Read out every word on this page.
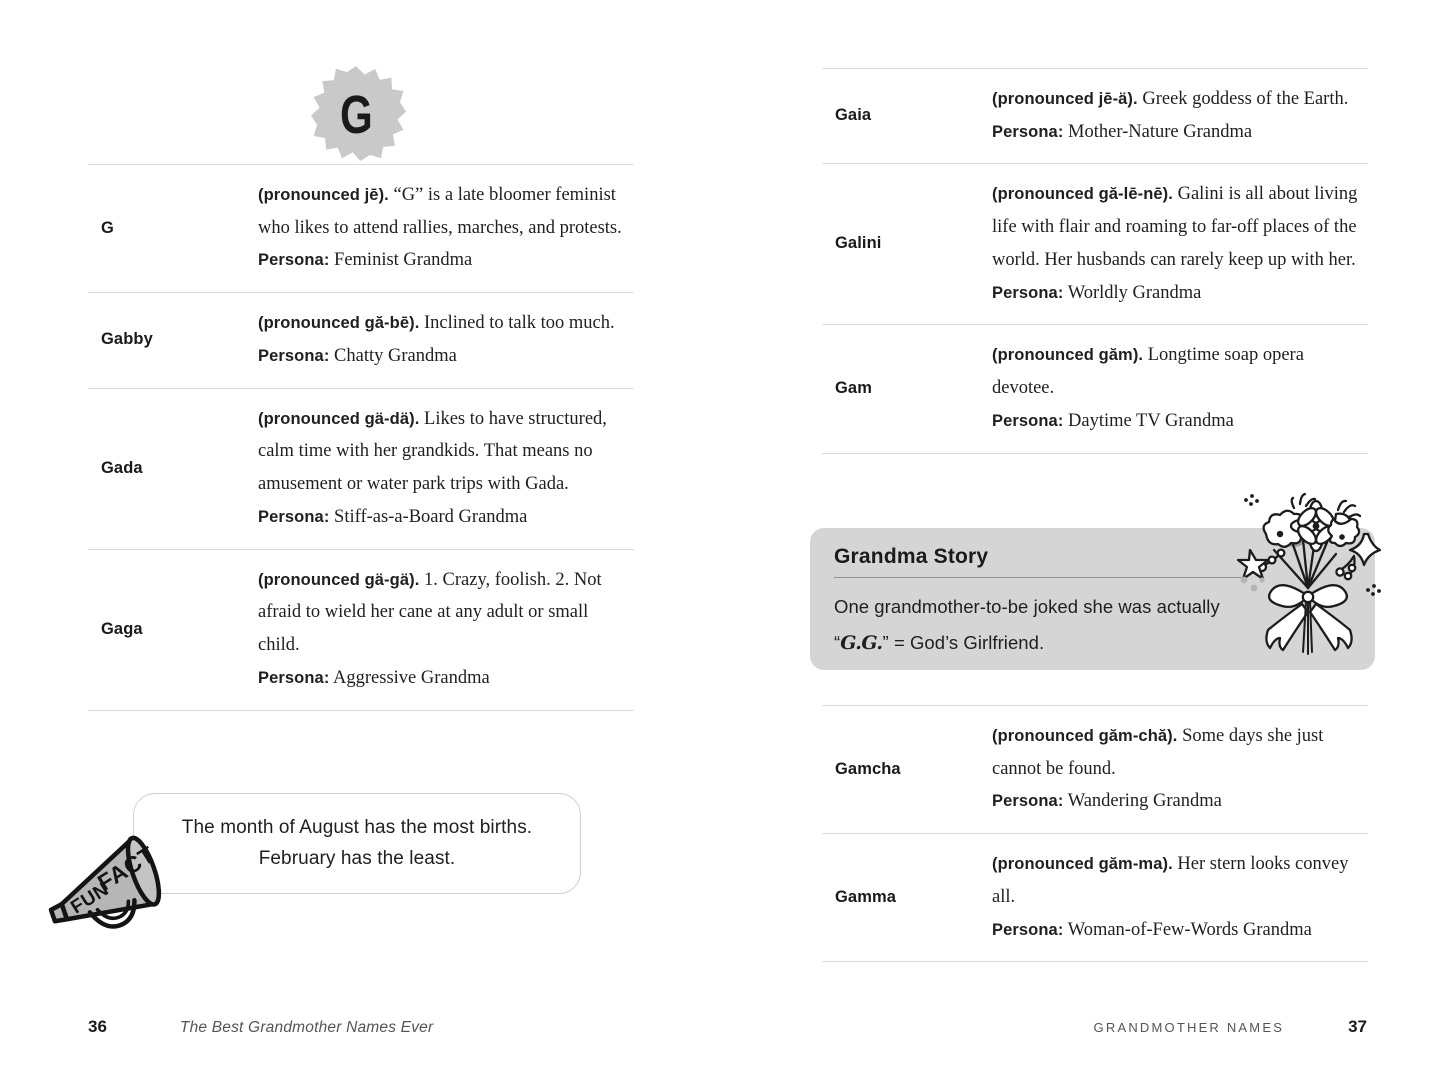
G
G
(pronounced jē). “G” is a late bloomer feminist who likes to attend rallies, marches, and protests.
Persona: Feminist Grandma
Gabby
(pronounced gă-bē). Inclined to talk too much.
Persona: Chatty Grandma
Gada
(pronounced gä-dä). Likes to have structured, calm time with her grandkids. That means no amusement or water park trips with Gada.
Persona: Stiff-as-a-Board Grandma
Gaga
(pronounced gä-gä). 1. Crazy, foolish. 2. Not afraid to wield her cane at any adult or small child.
Persona: Aggressive Grandma
The month of August has the most births.
February has the least.
FUN
FACT
36	The Best Grandmother Names Ever
Gaia
(pronounced jē-ä). Greek goddess of the Earth.
Persona: Mother-Nature Grandma
Galini
(pronounced gă-lē-nē). Galini is all about living life with flair and roaming to far-off places of the world. Her husbands can rarely keep up with her.
Persona: Worldly Grandma
Gam
(pronounced găm). Longtime soap opera devotee.
Persona: Daytime TV Grandma
Grandma Story
One grandmother-to-be joked she was actually “G.G.” = God’s Girlfriend.
Gamcha
(pronounced găm-chă). Some days she just cannot be found.
Persona: Wandering Grandma
Gamma
(pronounced găm-ma). Her stern looks convey all.
Persona: Woman-of-Few-Words Grandma
GRANDMOTHER NAMES	37
